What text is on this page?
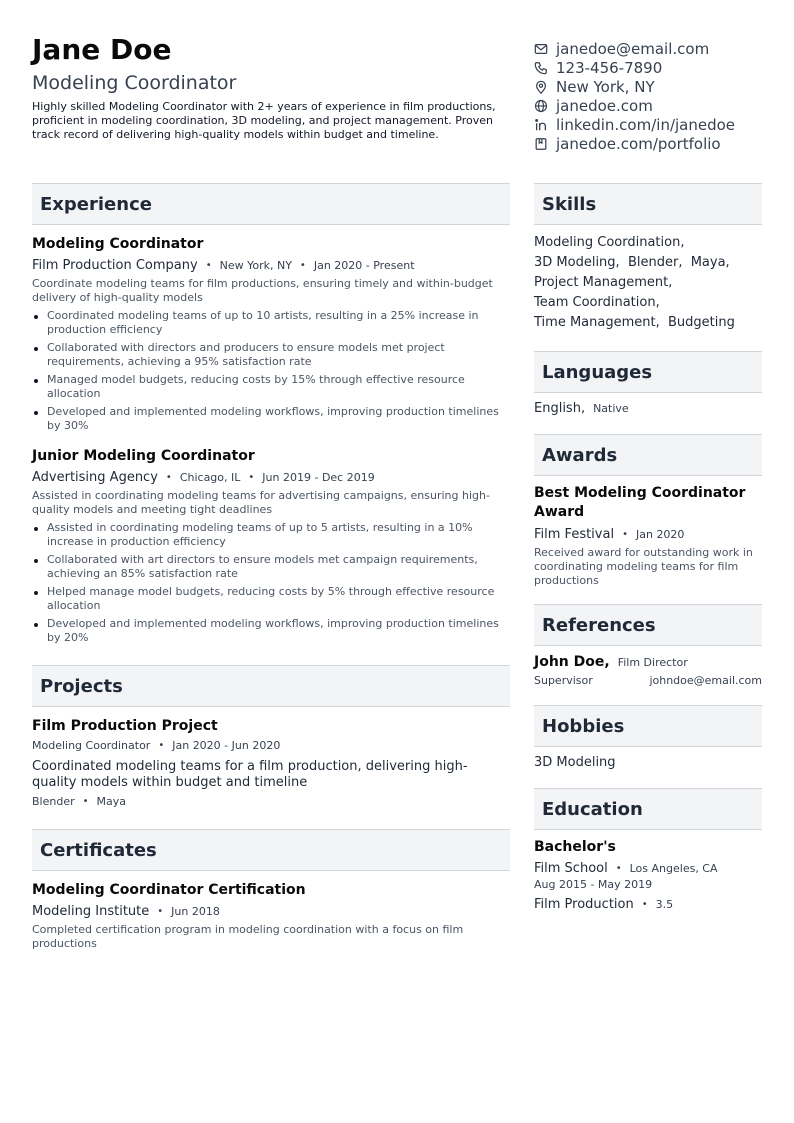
Jane Doe
Modeling Coordinator
Highly skilled Modeling Coordinator with 2+ years of experience in film productions, proficient in modeling coordination, 3D modeling, and project management. Proven track record of delivering high-quality models within budget and timeline.
janedoe@email.com
123-456-7890
New York, NY
janedoe.com
linkedin.com/in/janedoe
janedoe.com/portfolio
Experience
Modeling Coordinator
Film Production Company • New York, NY • Jan 2020 - Present
Coordinate modeling teams for film productions, ensuring timely and within-budget delivery of high-quality models
Coordinated modeling teams of up to 10 artists, resulting in a 25% increase in production efficiency
Collaborated with directors and producers to ensure models met project requirements, achieving a 95% satisfaction rate
Managed model budgets, reducing costs by 15% through effective resource allocation
Developed and implemented modeling workflows, improving production timelines by 30%
Junior Modeling Coordinator
Advertising Agency • Chicago, IL • Jun 2019 - Dec 2019
Assisted in coordinating modeling teams for advertising campaigns, ensuring high-quality models and meeting tight deadlines
Assisted in coordinating modeling teams of up to 5 artists, resulting in a 10% increase in production efficiency
Collaborated with art directors to ensure models met campaign requirements, achieving an 85% satisfaction rate
Helped manage model budgets, reducing costs by 5% through effective resource allocation
Developed and implemented modeling workflows, improving production timelines by 20%
Projects
Film Production Project
Modeling Coordinator • Jan 2020 - Jun 2020
Coordinated modeling teams for a film production, delivering high-quality models within budget and timeline
Blender • Maya
Certificates
Modeling Coordinator Certification
Modeling Institute • Jun 2018
Completed certification program in modeling coordination with a focus on film productions
Skills
Modeling Coordination,
3D Modeling, Blender, Maya,
Project Management,
Team Coordination,
Time Management, Budgeting
Languages
English, Native
Awards
Best Modeling Coordinator Award
Film Festival • Jan 2020
Received award for outstanding work in coordinating modeling teams for film productions
References
John Doe, Film Director
Supervisor	johndoe@email.com
Hobbies
3D Modeling
Education
Bachelor's
Film School • Los Angeles, CA
Aug 2015 - May 2019
Film Production • 3.5
